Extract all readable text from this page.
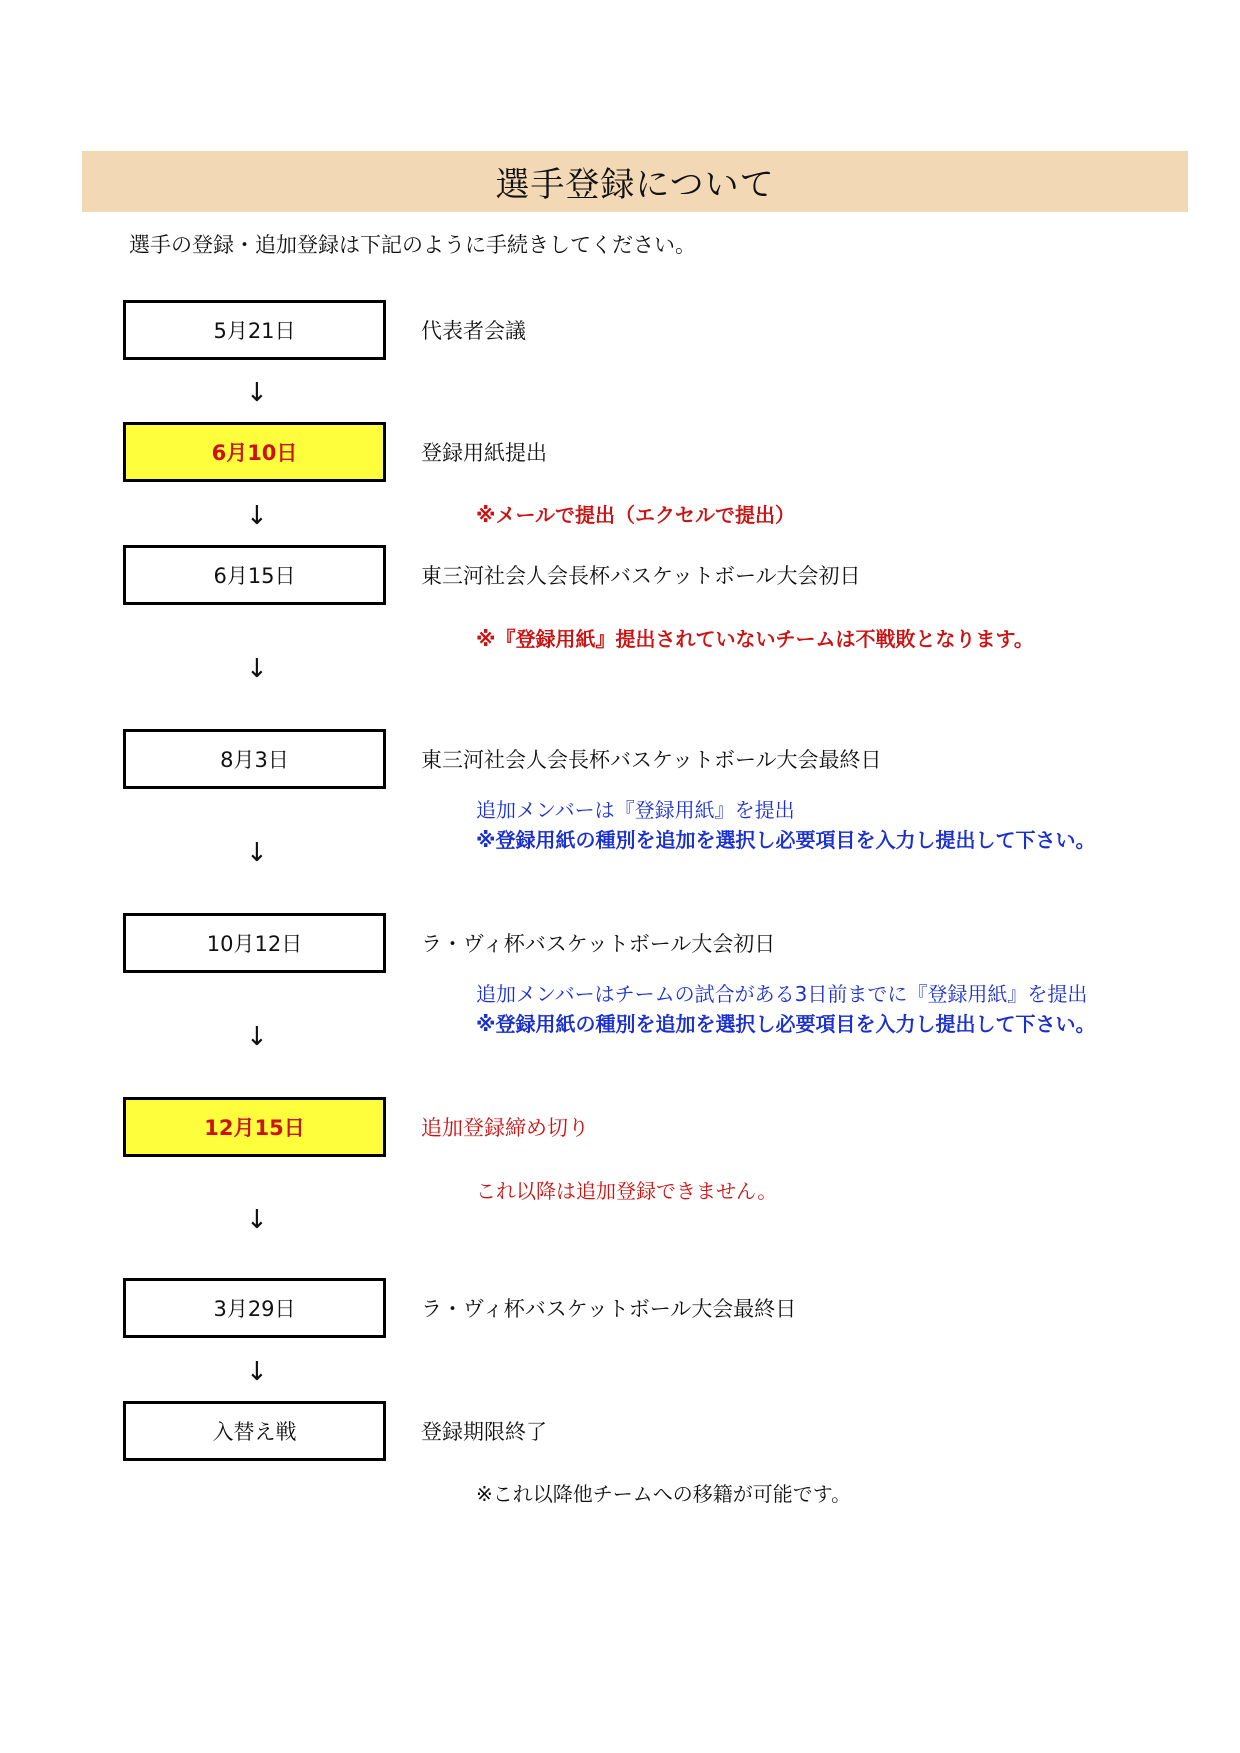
選手登録について
選手の登録・追加登録は下記のように手続きしてください。
5月21日	代表者会議
↓
6月10日	登録用紙提出
↓	※メールで提出（エクセルで提出）
6月15日	東三河社会人会長杯バスケットボール大会初日
※『登録用紙』提出されていないチームは不戦敗となります。
↓
8月3日	東三河社会人会長杯バスケットボール大会最終日
追加メンバーは『登録用紙』を提出
※登録用紙の種別を追加を選択し必要項目を入力し提出して下さい。
↓
10月12日	ラ・ヴィ杯バスケットボール大会初日
追加メンバーはチームの試合がある3日前までに『登録用紙』を提出
※登録用紙の種別を追加を選択し必要項目を入力し提出して下さい。
↓
12月15日	追加登録締め切り
これ以降は追加登録できません。
↓
3月29日	ラ・ヴィ杯バスケットボール大会最終日
↓
入替え戦	登録期限終了
※これ以降他チームへの移籍が可能です。
